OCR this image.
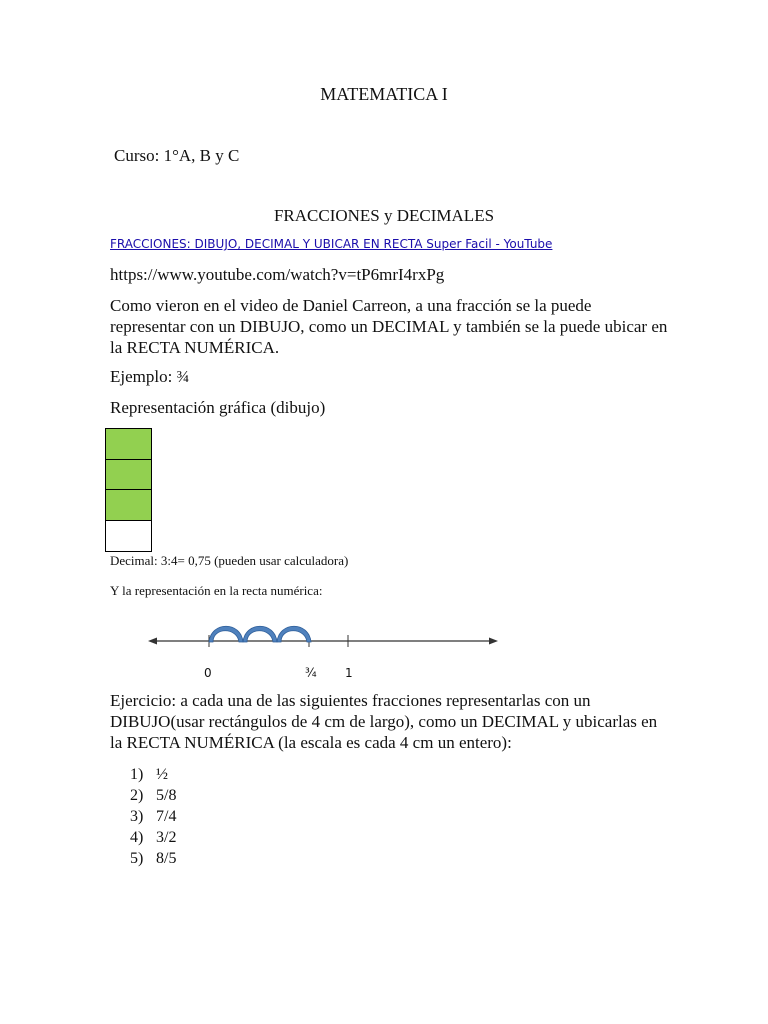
MATEMATICA I
Curso: 1°A, B y C
FRACCIONES y DECIMALES
FRACCIONES: DIBUJO, DECIMAL Y UBICAR EN RECTA Super Facil - YouTube
https://www.youtube.com/watch?v=tP6mrI4rxPg
Como vieron en el video de Daniel Carreon, a una fracción se la puede representar con un DIBUJO, como un DECIMAL y también se la puede ubicar en la RECTA NUMÉRICA.
Ejemplo: ¾
Representación gráfica (dibujo)
Decimal: 3:4= 0,75 (pueden usar calculadora)
Y la representación en la recta numérica:
0	¾ 1
Ejercicio: a cada una de las siguientes fracciones representarlas con un DIBUJO(usar rectángulos de 4 cm de largo), como un DECIMAL y ubicarlas en la RECTA NUMÉRICA (la escala es cada 4 cm un entero):
1) ½
2) 5/8
3) 7/4
4) 3/2
5) 8/5
